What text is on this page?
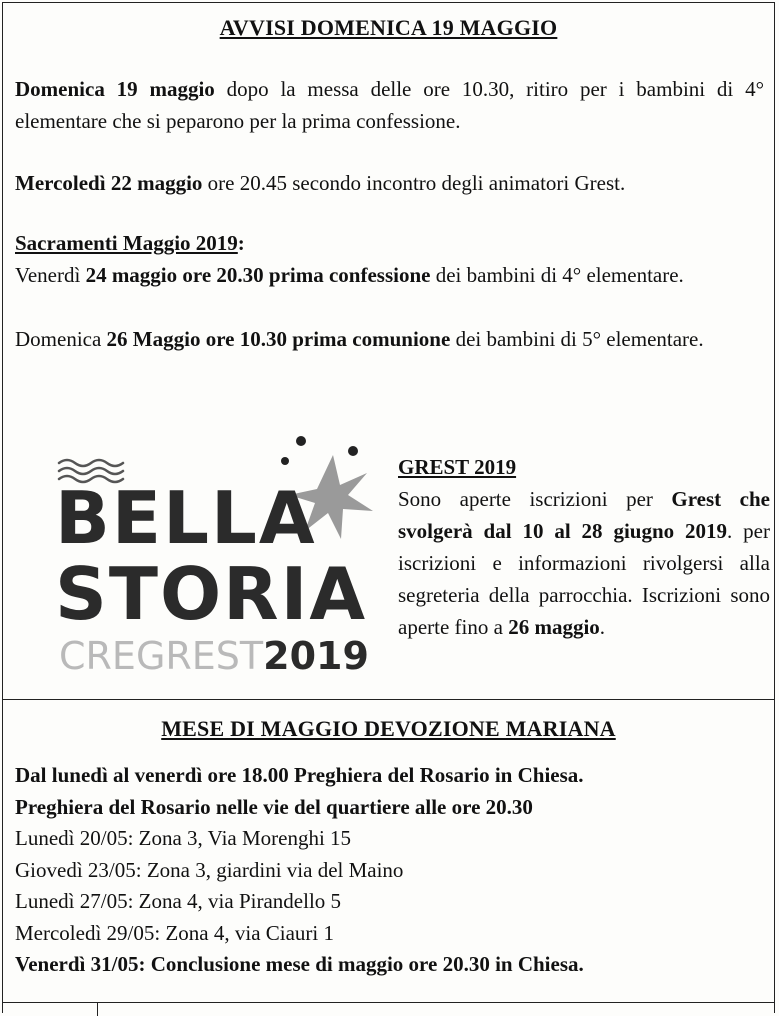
AVVISI DOMENICA 19 MAGGIO

Domenica 19 maggio dopo la messa delle ore 10.30, ritiro per i bambini di 4° elementare che si peparono per la prima confessione.

Mercoledì 22 maggio ore 20.45 secondo incontro degli animatori Grest.

Sacramenti Maggio 2019:

Venerdì 24 maggio ore 20.30 prima confessione dei bambini di 4° elementare.

Domenica 26 Maggio ore 10.30 prima comunione dei bambini di 5° elementare.

BELLA
STORIA
CREGREST2019
GREST 2019
Sono aperte iscrizioni per Grest che svolgerà dal 10 al 28 giugno 2019. per iscrizioni e informazioni rivolgersi alla segreteria della parrocchia. Iscrizioni sono aperte fino a 26 maggio.
MESE DI MAGGIO DEVOZIONE MARIANA
Dal lunedì al venerdì ore 18.00 Preghiera del Rosario in Chiesa.
Preghiera del Rosario nelle vie del quartiere alle ore 20.30
Lunedì 20/05: Zona 3, Via Morenghi 15
Giovedì 23/05: Zona 3, giardini via del Maino
Lunedì 27/05: Zona 4, via Pirandello 5
Mercoledì 29/05: Zona 4, via Ciauri 1
Venerdì 31/05: Conclusione mese di maggio ore 20.30 in Chiesa.
